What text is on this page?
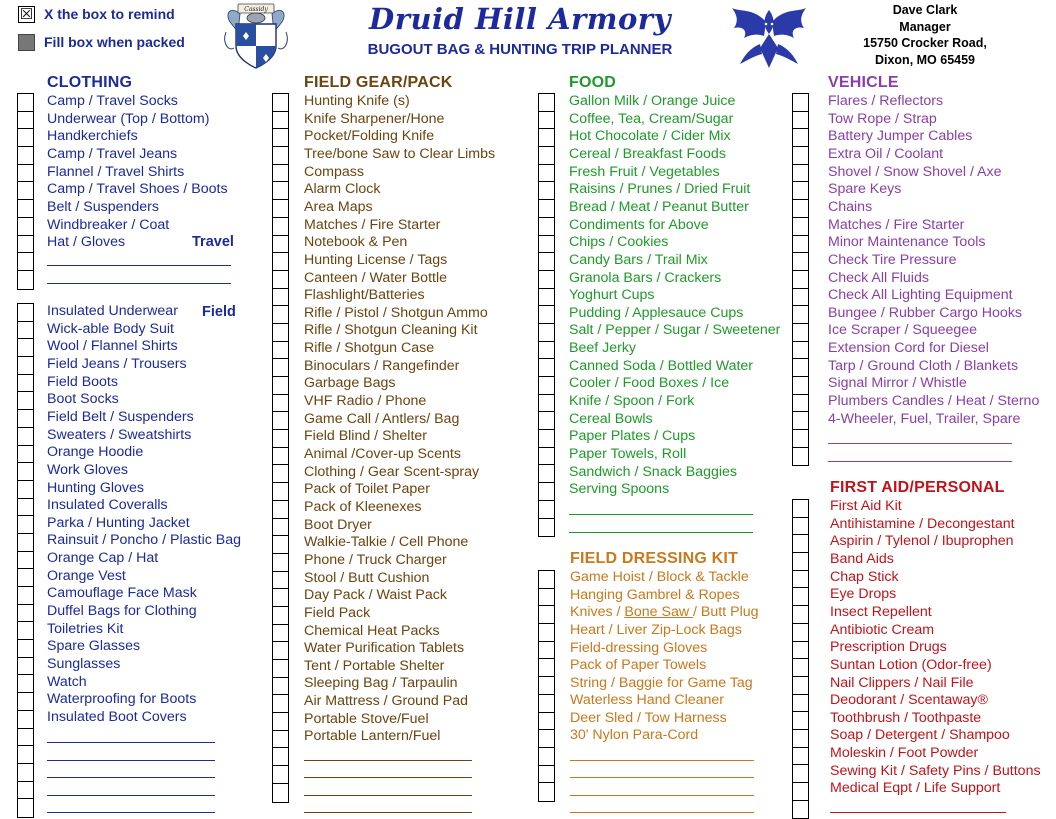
☒ X the box to remind
Fill box when packed
Cassidy	Druid Hill Armory
BUGOUT BAG & HUNTING TRIP PLANNER
Dave Clark
Manager
15750 Crocker Road,
Dixon, MO 65459
CLOTHING	FIELD GEAR/PACK	FOOD
FIELD DRESSING KIT
VEHICLE
FIRST AID/PERSONAL
Travel
Field
Game Hoist / Block & Tackle
Hanging Gambrel & Ropes
Knives / Bone Saw / Butt Plug
Heart / Liver Zip-Lock Bags
Field-dressing Gloves
Pack of Paper Towels
String / Baggie for Game Tag
Waterless Hand Cleaner
Deer Sled / Tow Harness
30' Nylon Para-Cord
Camp / Travel Socks
Underwear (Top / Bottom)
Handkerchiefs
Camp / Travel Jeans
Flannel / Travel Shirts
Camp / Travel Shoes / Boots
Belt / Suspenders
Windbreaker / Coat
Hat / Gloves
Insulated Underwear
Wick-able Body Suit
Wool / Flannel Shirts
Field Jeans / Trousers
Field Boots
Boot Socks
Field Belt / Suspenders
Sweaters / Sweatshirts
Orange Hoodie
Work Gloves
Hunting Gloves
Insulated Coveralls
Parka / Hunting Jacket
Rainsuit / Poncho / Plastic Bag
Orange Cap / Hat
Orange Vest
Camouflage Face Mask
Duffel Bags for Clothing
Toiletries Kit
Spare Glasses
Sunglasses
Watch
Waterproofing for Boots
Insulated Boot Covers
Hunting Knife (s)
Knife Sharpener/Hone
Pocket/Folding Knife
Tree/bone Saw to Clear Limbs
Compass
Alarm Clock
Area Maps
Matches / Fire Starter
Notebook & Pen
Hunting License / Tags
Canteen / Water Bottle
Flashlight/Batteries
Rifle / Pistol / Shotgun Ammo
Rifle / Shotgun Cleaning Kit
Rifle / Shotgun Case
Binoculars / Rangefinder
Garbage Bags
VHF Radio / Phone
Game Call / Antlers/ Bag
Field Blind / Shelter
Animal /Cover-up Scents
Clothing / Gear Scent-spray
Pack of Toilet Paper
Pack of Kleenexes
Boot Dryer
Walkie-Talkie / Cell Phone
Phone / Truck Charger
Stool / Butt Cushion
Day Pack / Waist Pack
Field Pack
Chemical Heat Packs
Water Purification Tablets
Tent / Portable Shelter
Sleeping Bag / Tarpaulin
Air Mattress / Ground Pad
Portable Stove/Fuel
Portable Lantern/Fuel
Gallon Milk / Orange Juice
Coffee, Tea, Cream/Sugar
Hot Chocolate / Cider Mix
Cereal / Breakfast Foods
Fresh Fruit / Vegetables
Raisins / Prunes / Dried Fruit
Bread / Meat / Peanut Butter
Condiments for Above
Chips / Cookies
Candy Bars / Trail Mix
Granola Bars / Crackers
Yoghurt Cups
Pudding / Applesauce Cups
Salt / Pepper / Sugar / Sweetener
Beef Jerky
Canned Soda / Bottled Water
Cooler / Food Boxes / Ice
Knife / Spoon / Fork
Cereal Bowls
Paper Plates / Cups
Paper Towels, Roll
Sandwich / Snack Baggies
Serving Spoons
Flares / Reflectors
Tow Rope / Strap
Battery Jumper Cables
Extra Oil / Coolant
Shovel / Snow Shovel / Axe
Spare Keys
Chains
Matches / Fire Starter
Minor Maintenance Tools
Check Tire Pressure
Check All Fluids
Check All Lighting Equipment
Bungee / Rubber Cargo Hooks
Ice Scraper / Squeegee
Extension Cord for Diesel
Tarp / Ground Cloth / Blankets
Signal Mirror / Whistle
Plumbers Candles / Heat / Sterno
4-Wheeler, Fuel, Trailer, Spare
First Aid Kit
Antihistamine / Decongestant
Aspirin / Tylenol / Ibuprophen
Band Aids
Chap Stick
Eye Drops
Insect Repellent
Antibiotic Cream
Prescription Drugs
Suntan Lotion (Odor-free)
Nail Clippers / Nail File
Deodorant / Scentaway®
Toothbrush / Toothpaste
Soap / Detergent / Shampoo
Moleskin / Foot Powder
Sewing Kit / Safety Pins / Buttons
Medical Eqpt / Life Support
